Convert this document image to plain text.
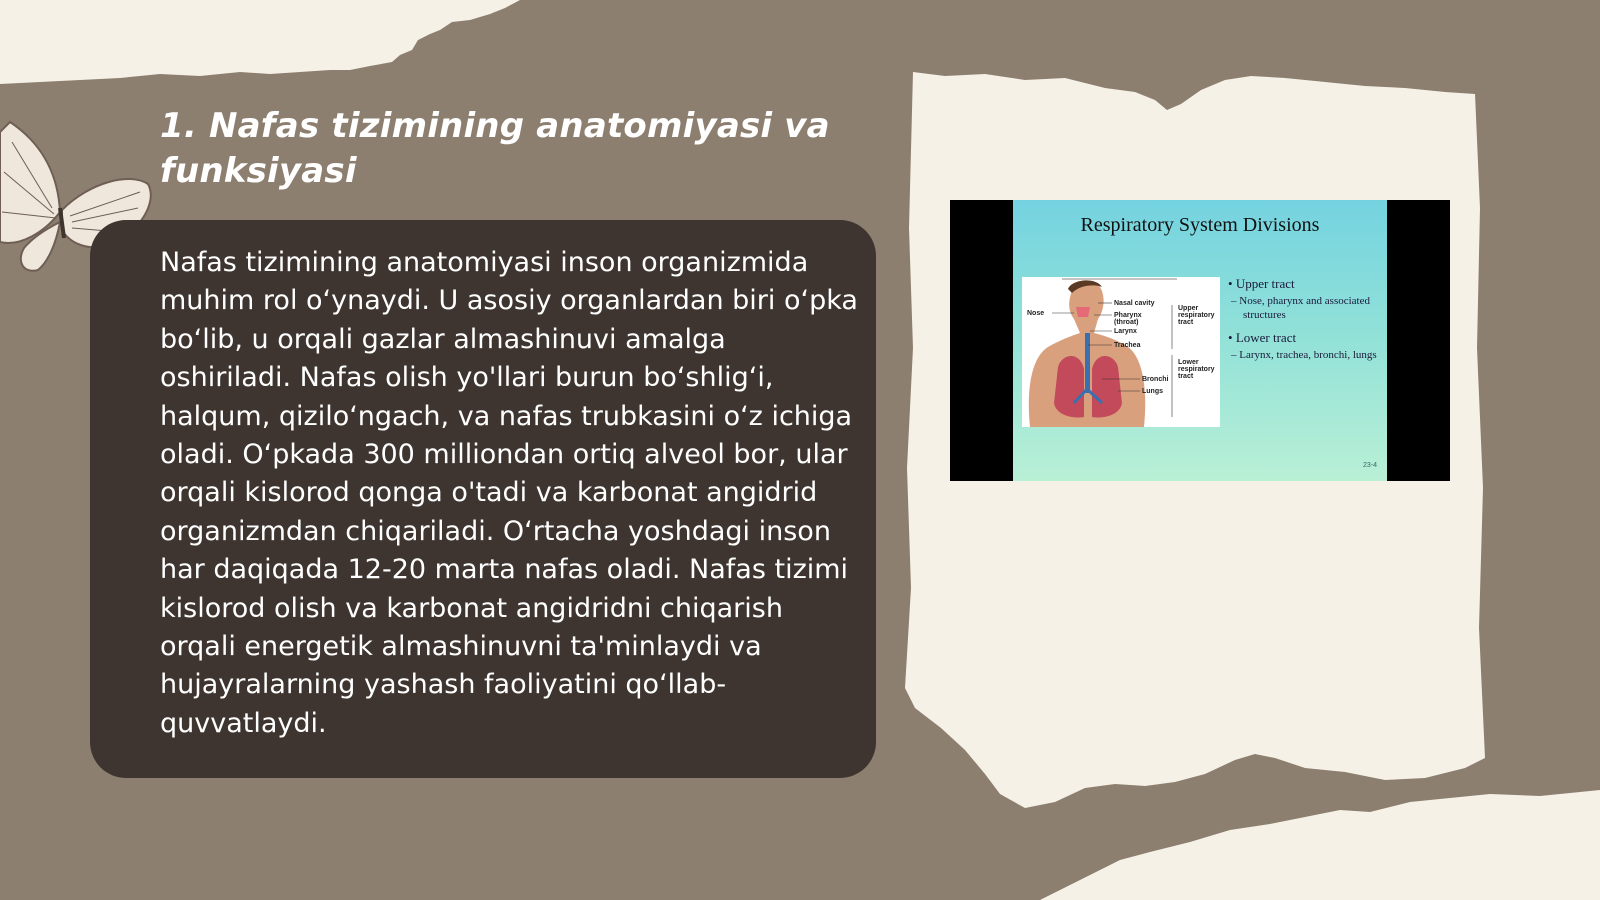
1. Nafas tizimining anatomiyasi va funksiyasi

Nafas tizimining anatomiyasi inson organizmida muhim rol o‘ynaydi. U asosiy organlardan biri o‘pka bo‘lib, u orqali gazlar almashinuvi amalga oshiriladi. Nafas olish yo'llari burun bo‘shlig‘i, halqum, qizilo‘ngach, va nafas trubkasini o‘z ichiga oladi. O‘pkada 300 milliondan ortiq alveol bor, ular orqali kislorod qonga o'tadi va karbonat angidrid organizmdan chiqariladi. O‘rtacha yoshdagi inson har daqiqada 12-20 marta nafas oladi. Nafas tizimi kislorod olish va karbonat angidridni chiqarish orqali energetik almashinuvni ta'minlaydi va hujayralarning yashash faoliyatini qo‘llab-quvvatlaydi.

Respiratory System Divisions
Nose
Nasal cavity
Pharynx
(throat)
Larynx
Trachea
Bronchi
Lungs
Upper
respiratory
tract
Lower
respiratory
tract
• Upper tract
– Nose, pharynx and associated structures
• Lower tract
– Larynx, trachea, bronchi, lungs
23-4
